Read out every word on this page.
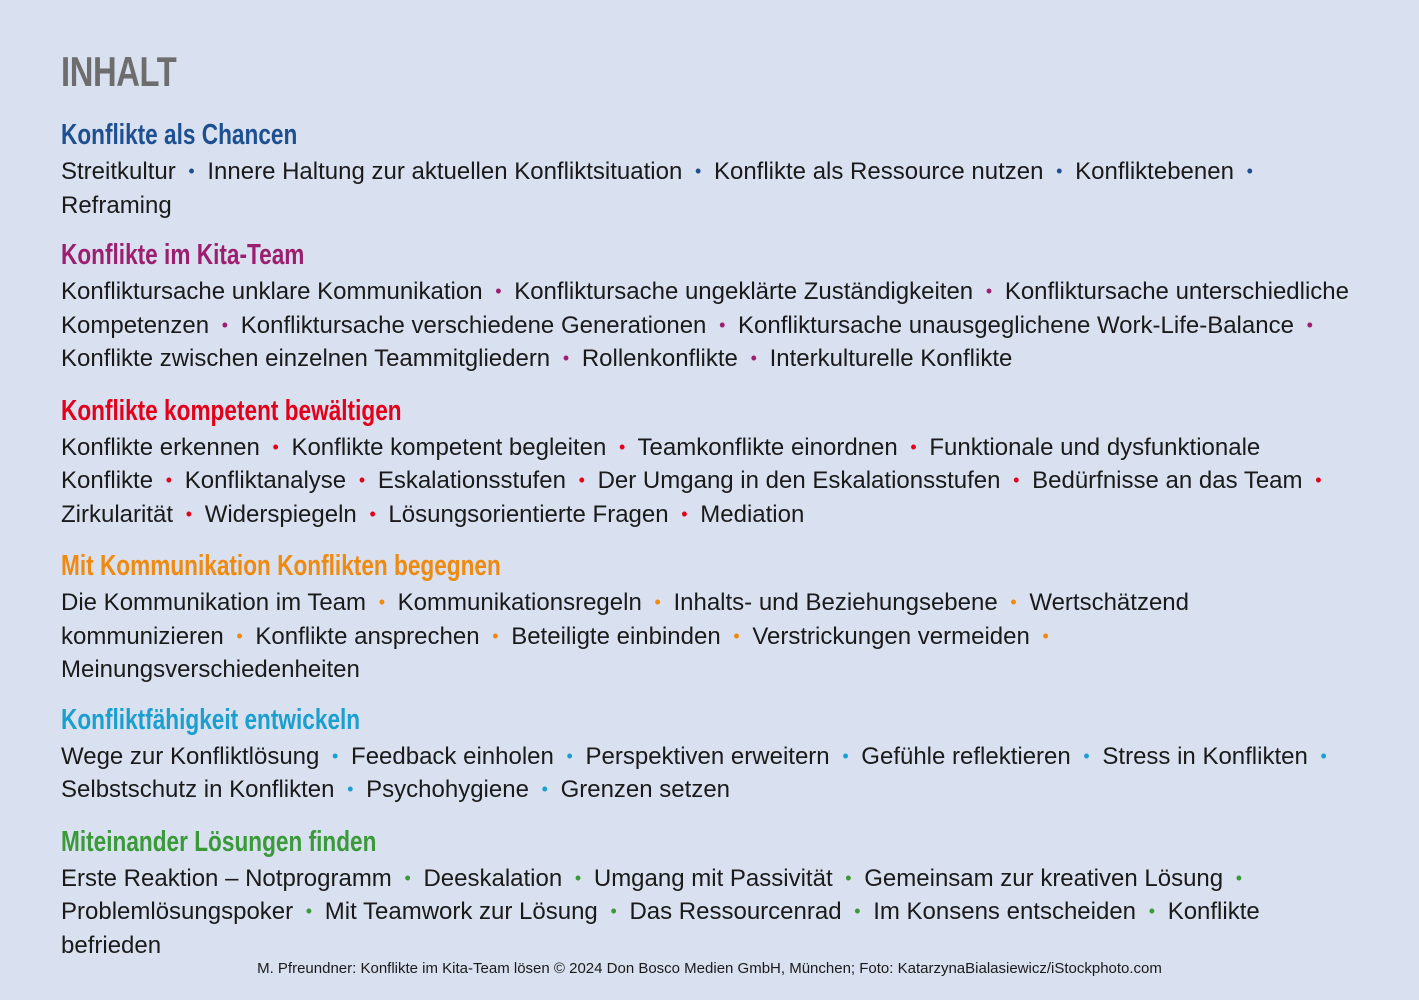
INHALT
Konflikte als Chancen

Streitkultur • Innere Haltung zur aktuellen Konfliktsituation • Konflikte als Ressource nutzen • Konfliktebenen • Reframing

Konflikte im Kita-Team

Konfliktursache unklare Kommunikation • Konfliktursache ungeklärte Zuständigkeiten • Konfliktursache unterschiedliche Kompetenzen • Konfliktursache verschiedene Generationen • Konfliktursache unausgeglichene Work-Life-Balance • Konflikte zwischen einzelnen Teammitgliedern • Rollenkonflikte • Interkulturelle Konflikte

Konflikte kompetent bewältigen

Konflikte erkennen • Konflikte kompetent begleiten • Teamkonflikte einordnen • Funktionale und dysfunktionale Konflikte • Konfliktanalyse • Eskalationsstufen • Der Umgang in den Eskalationsstufen • Bedürfnisse an das Team • Zirkularität • Widerspiegeln • Lösungsorientierte Fragen • Mediation

Mit Kommunikation Konflikten begegnen

Die Kommunikation im Team • Kommunikationsregeln • Inhalts- und Beziehungsebene • Wertschätzend kommunizieren • Konflikte ansprechen • Beteiligte einbinden • Verstrickungen vermeiden • Meinungsverschiedenheiten

Konfliktfähigkeit entwickeln

Wege zur Konfliktlösung • Feedback einholen • Perspektiven erweitern • Gefühle reflektieren • Stress in Konflikten • Selbstschutz in Konflikten • Psychohygiene • Grenzen setzen

Miteinander Lösungen finden

Erste Reaktion – Notprogramm • Deeskalation • Umgang mit Passivität • Gemeinsam zur kreativen Lösung • Problemlösungspoker • Mit Teamwork zur Lösung • Das Ressourcenrad • Im Konsens entscheiden • Konflikte befrieden

M. Pfreundner: Konflikte im Kita-Team lösen © 2024 Don Bosco Medien GmbH, München; Foto: KatarzynaBialasiewicz/iStockphoto.com
